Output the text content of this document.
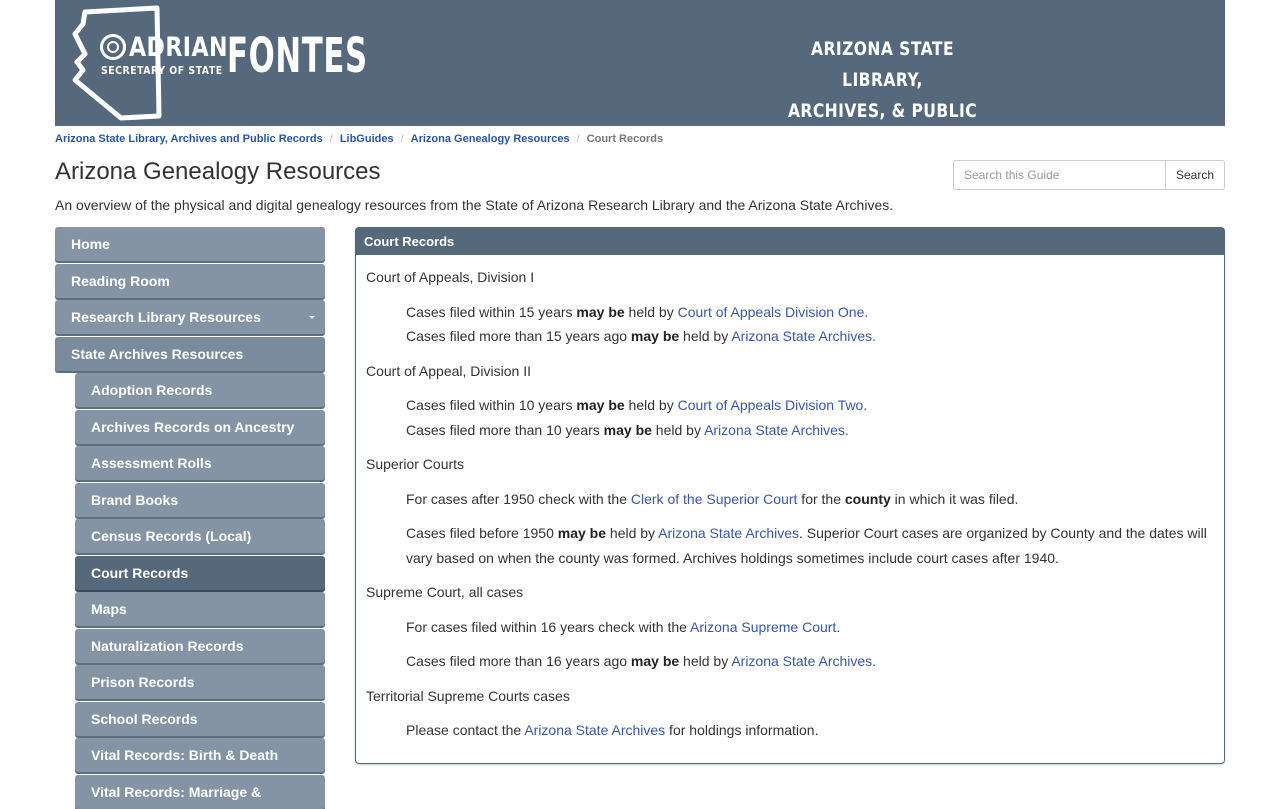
ADRIAN
SECRETARY OF STATE FONTES	ARIZONA STATE LIBRARY,
ARCHIVES, & PUBLIC RECORDS
Arizona State Library, Archives and Public Records / LibGuides / Arizona Genealogy Resources / Court Records
Arizona Genealogy Resources

An overview of the physical and digital genealogy resources from the State of Arizona Research Library and the Arizona State Archives.

Search this Guide
Search
Home
Reading Room
Research Library Resources
State Archives Resources
Adoption Records
Archives Records on Ancestry
Assessment Rolls
Brand Books
Census Records (Local)
Court Records
Maps
Naturalization Records
Prison Records
School Records
Vital Records: Birth & Death
Vital Records: Marriage &
Court Records
Court of Appeals, Division I
Cases filed within 15 years may be held by Court of Appeals Division One.
Cases filed more than 15 years ago may be held by Arizona State Archives.
Court of Appeal, Division II
Cases filed within 10 years may be held by Court of Appeals Division Two.
Cases filed more than 10 years may be held by Arizona State Archives.
Superior Courts
For cases after 1950 check with the Clerk of the Superior Court for the county in which it was filed.
Cases filed before 1950 may be held by Arizona State Archives. Superior Court cases are organized by County and the dates will
vary based on when the county was formed. Archives holdings sometimes include court cases after 1940.
Supreme Court, all cases
For cases filed within 16 years check with the Arizona Supreme Court.
Cases filed more than 16 years ago may be held by Arizona State Archives.
Territorial Supreme Courts cases
Please contact the Arizona State Archives for holdings information.
